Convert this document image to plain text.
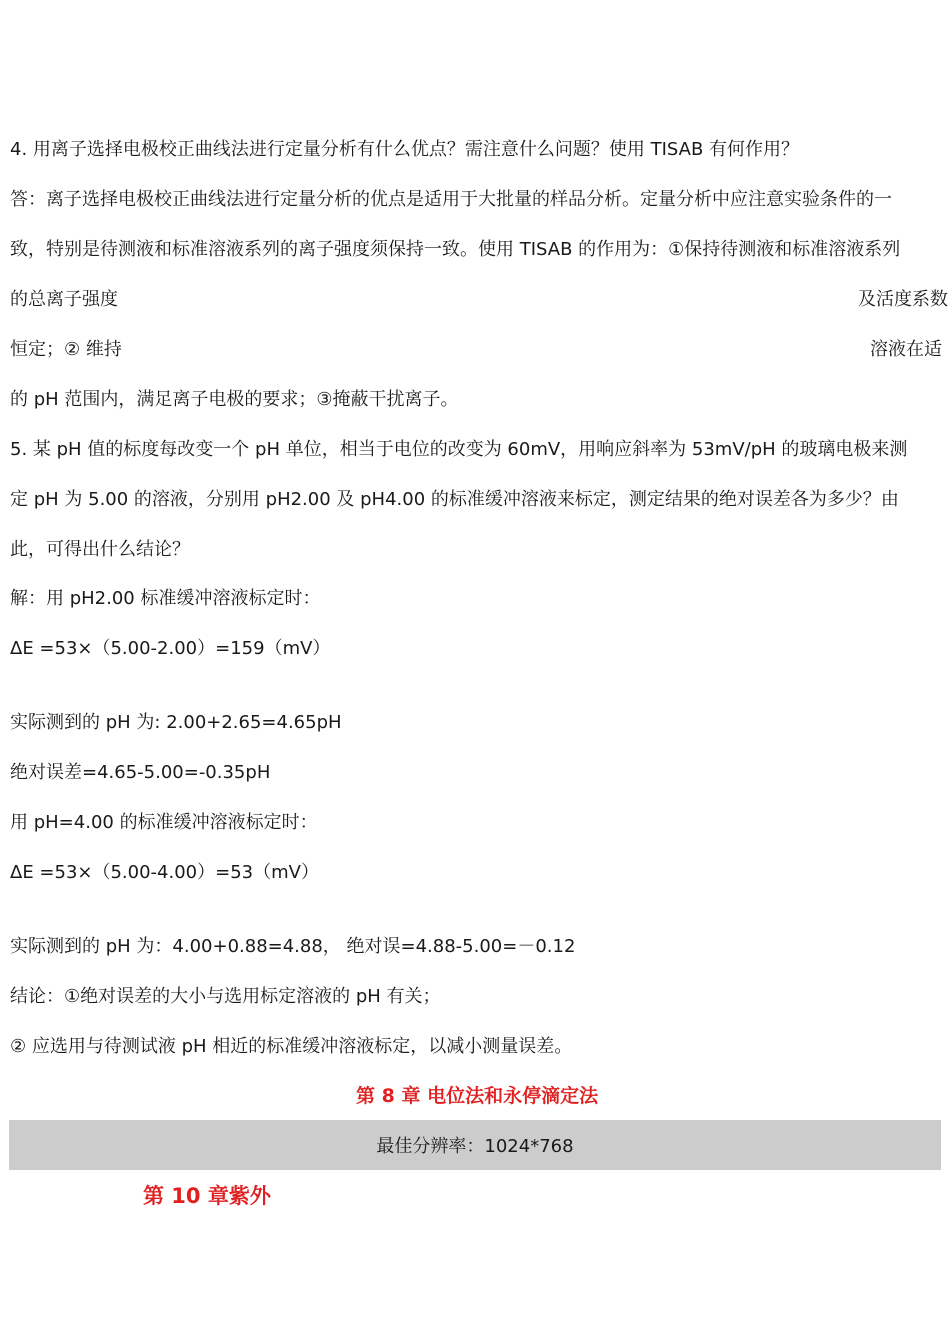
4. 用离子选择电极校正曲线法进行定量分析有什么优点？需注意什么问题？使用 TISAB 有何作用？
答：离子选择电极校正曲线法进行定量分析的优点是适用于大批量的样品分析。定量分析中应注意实验条件的一
致，特别是待测液和标准溶液系列的离子强度须保持一致。使用 TISAB 的作用为：①保持待测液和标准溶液系列
的总离子强度	及活度系数
恒定；② 维持	溶液在适
的 pH 范围内，满足离子电极的要求；③掩蔽干扰离子。
5. 某 pH 值的标度每改变一个 pH 单位，相当于电位的改变为 60mV，用响应斜率为 53mV/pH 的玻璃电极来测
定 pH 为 5.00 的溶液，分别用 pH2.00 及 pH4.00 的标准缓冲溶液来标定，测定结果的绝对误差各为多少？由
此，可得出什么结论？
解：用 pH2.00 标准缓冲溶液标定时：
ΔE =53×（5.00-2.00）=159（mV）
实际测到的 pH 为: 2.00+2.65=4.65pH
绝对误差=4.65-5.00=-0.35pH
用 pH=4.00 的标准缓冲溶液标定时：
ΔE =53×（5.00-4.00）=53（mV）
实际测到的 pH 为：4.00+0.88=4.88， 绝对误=4.88-5.00=－0.12
结论：①绝对误差的大小与选用标定溶液的 pH 有关；
② 应选用与待测试液 pH 相近的标准缓冲溶液标定，以减小测量误差。
第 8 章 电位法和永停滴定法
最佳分辨率：1024*768
第 10 章紫外
